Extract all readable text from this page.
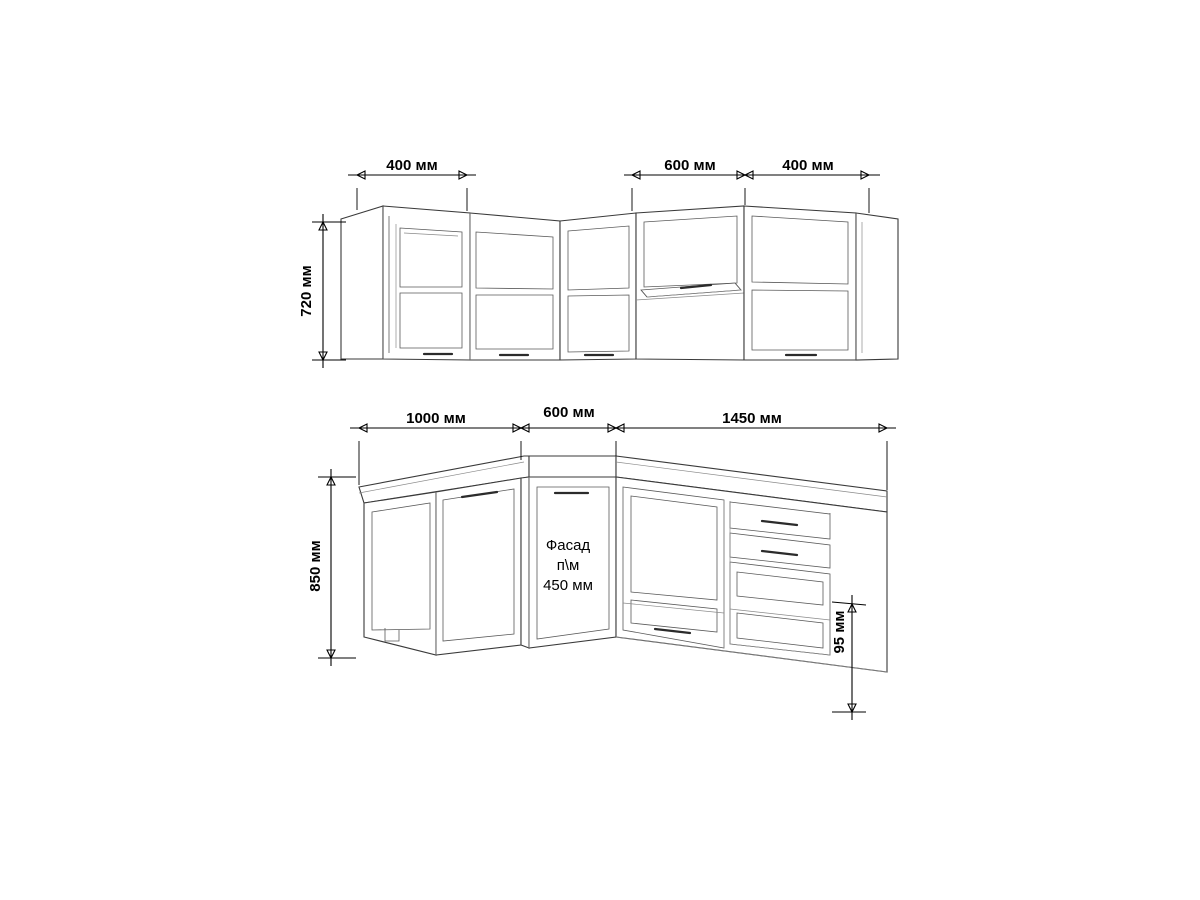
400 мм	600 мм	400 мм
720 мм
1000 мм	600 мм	1450 мм
850 мм
95 мм
Фасад
п\м
450 мм
